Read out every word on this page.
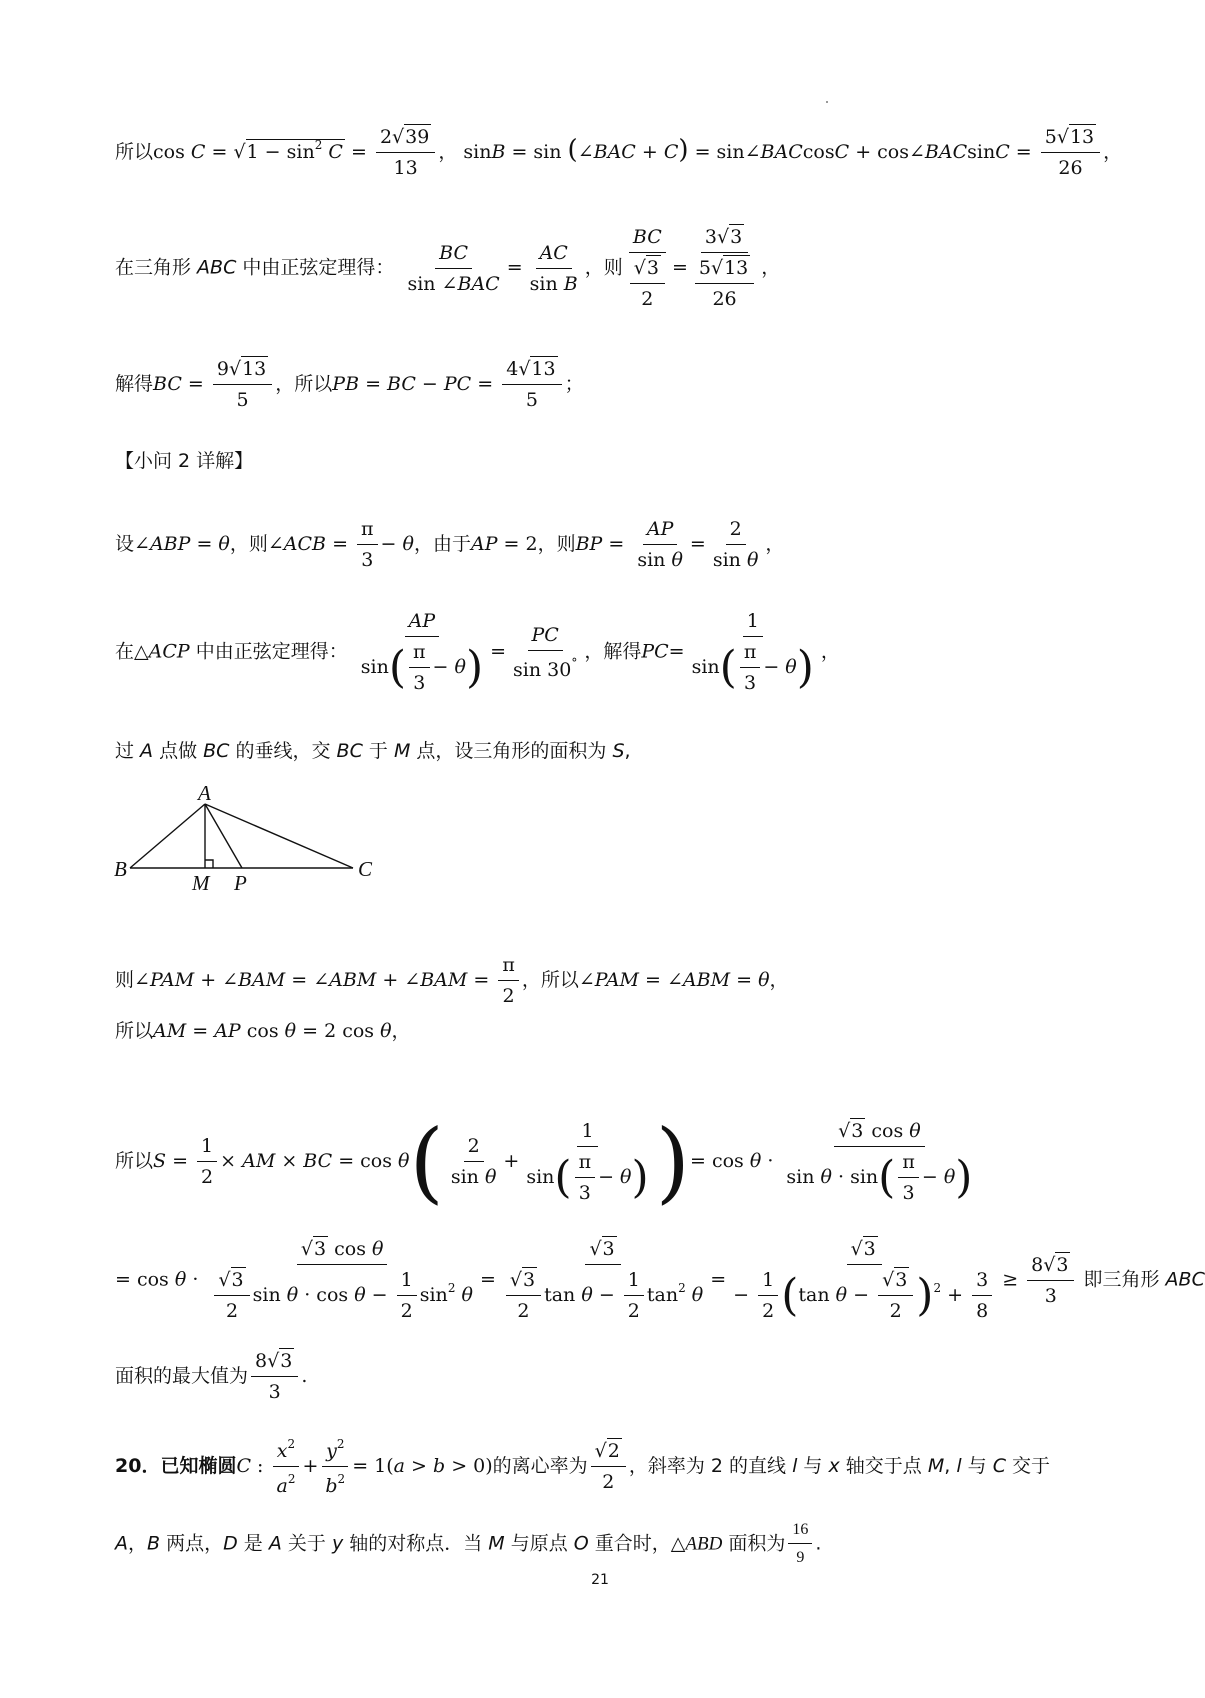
所以$\cos C = √1 - \sin^2 C = \frac{2√39}{13}$ ， sinB = sin (∠BAC + C) = sin∠BACcosC + cos∠BACsinC = $\frac{5√13}{26}$ ，
在三角形 ABC 中由正弦定理得： $\frac{BC}{\text{sin ∠BAC}} = \frac{AC}{\text{sin B}}$ ，则 $\frac{BC}{\frac{√3}{2}} = \frac{3√3}{\frac{5√13}{26}}$ ，
解得BC = $\frac{9√13}{5}$ ，所以PB = BC − PC = $\frac{4√13}{5}$ ；
【小问 2 详解】
设∠ABP = θ，则∠ACB = $\frac{\pi}{3} - \theta$，由于AP = 2，则BP = $\frac{AP}{\text{sin θ}} = \frac{2}{\text{sin θ}}$ ，
在△ACP 中由正弦定理得： $\frac{AP}{\sin( \frac{\pi}{3} - \theta)} = \frac{PC}{\sin 30^\circ}$ ，解得$PC= \frac{1}{\sin( \frac{\pi}{3} - \theta)}$ ，
过 A 点做 BC 的垂线，交 BC 于 M 点，设三角形的面积为 S,
A
B	C
M P
则∠PAM + ∠BAM = ∠ABM + ∠BAM = $\frac{\pi}{2}$ ，所以∠PAM = ∠ABM = θ，
所以AM = AP cos θ = 2 cos θ，
所以$S = \frac{1}{2}$ × AM × BC = $\cos \theta( \frac{2}{\text{sin θ}} + \frac{1}{\sin( \frac{\pi}{3} - \theta)}$ )= $\cos \theta \cdot \frac{\text{√3 cos θ}}{\sin \theta \cdot \sin( \frac{\pi}{3} - \theta)}$
= $\cos \theta \cdot \frac{\text{√3 cos θ}}{\frac{√3}{2} \sin \theta \cdot \cos \theta - \frac{1}{2} \sin^2 \theta} = \frac{√3}{\frac{√3}{2} \tan \theta - \frac{1}{2} \tan^2 \theta} = \frac{√3}{- \frac{1}{2} (\tan \theta - \frac{√3}{2} )^2 + \frac{3}{8}} \ge \frac{8√3}{3}$ 即三角形 ABC
面积的最大值为 $\frac{8√3}{3}$ .
20．已知椭圆C : $\frac{x^2}{a^2} + \frac{y^2}{b^2} = 1(a > b > 0)$的离心率为 $\frac{√2}{2}$ ，斜率为 2 的直线 l 与 x 轴交于点 M, l 与 C 交于
A，B 两点，D 是 A 关于 y 轴的对称点．当 M 与原点 O 重合时，△ABD 面积为 $\frac{16}{9}$ .
21
